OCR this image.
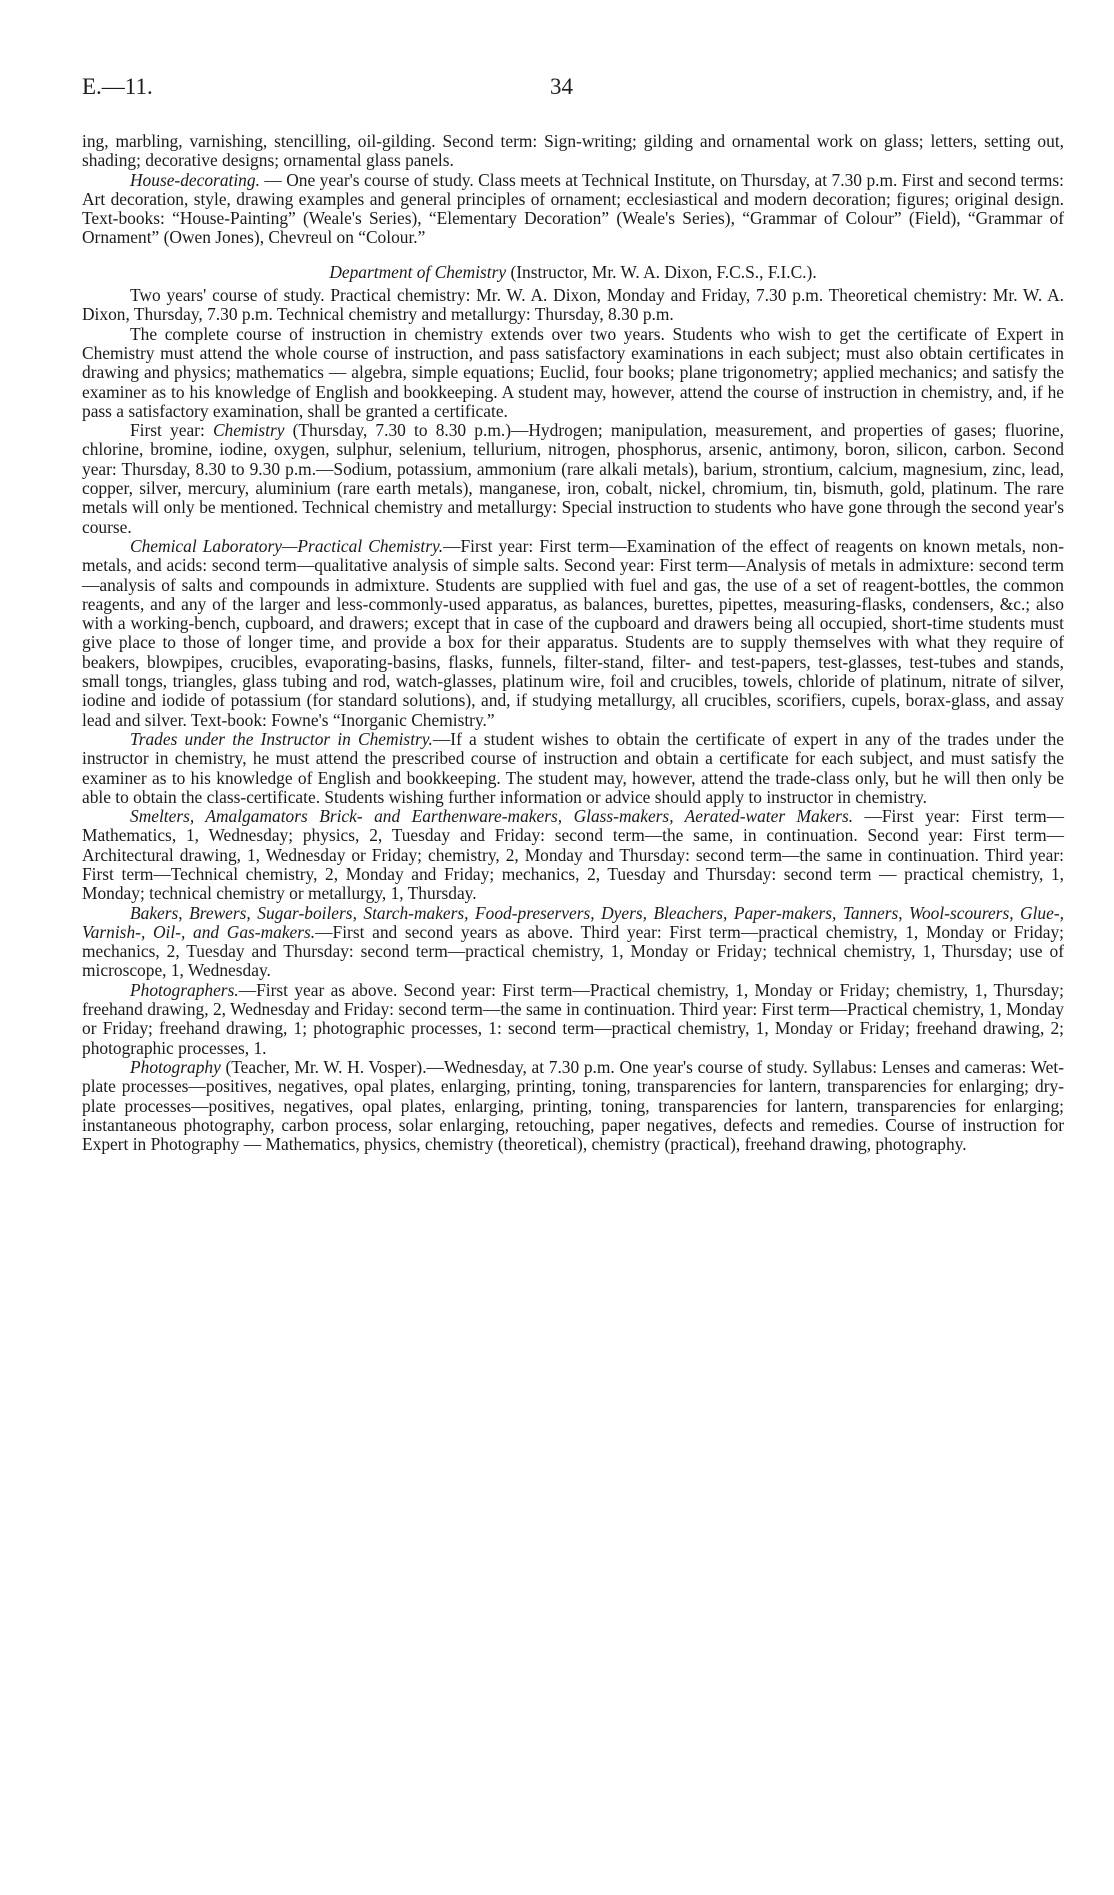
E.—11.	34

ing, marbling, varnishing, stencilling, oil-gilding. Second term: Sign-writing; gilding and ornamental work on glass; letters, setting out, shading; decorative designs; ornamental glass panels.

House-decorating. — One year's course of study. Class meets at Technical Institute, on Thursday, at 7.30 p.m. First and second terms: Art decoration, style, drawing examples and general principles of ornament; ecclesiastical and modern decoration; figures; original design. Text-books: “House-Painting” (Weale's Series), “Elementary Decoration” (Weale's Series), “Grammar of Colour” (Field), “Grammar of Ornament” (Owen Jones), Chevreul on “Colour.”

Department of Chemistry (Instructor, Mr. W. A. Dixon, F.C.S., F.I.C.).

Two years' course of study. Practical chemistry: Mr. W. A. Dixon, Monday and Friday, 7.30 p.m. Theoretical chemistry: Mr. W. A. Dixon, Thursday, 7.30 p.m. Technical chemistry and metallurgy: Thursday, 8.30 p.m.

The complete course of instruction in chemistry extends over two years. Students who wish to get the certificate of Expert in Chemistry must attend the whole course of instruction, and pass satisfactory examinations in each subject; must also obtain certificates in drawing and physics; mathematics — algebra, simple equations; Euclid, four books; plane trigonometry; applied mechanics; and satisfy the examiner as to his knowledge of English and bookkeeping. A student may, however, attend the course of instruction in chemistry, and, if he pass a satisfactory examination, shall be granted a certificate.

First year: Chemistry (Thursday, 7.30 to 8.30 p.m.)—Hydrogen; manipulation, measurement, and properties of gases; fluorine, chlorine, bromine, iodine, oxygen, sulphur, selenium, tellurium, nitrogen, phosphorus, arsenic, antimony, boron, silicon, carbon. Second year: Thursday, 8.30 to 9.30 p.m.—Sodium, potassium, ammonium (rare alkali metals), barium, strontium, calcium, magnesium, zinc, lead, copper, silver, mercury, aluminium (rare earth metals), manganese, iron, cobalt, nickel, chromium, tin, bismuth, gold, platinum. The rare metals will only be mentioned. Technical chemistry and metallurgy: Special instruction to students who have gone through the second year's course.

Chemical Laboratory—Practical Chemistry.—First year: First term—Examination of the effect of reagents on known metals, non-metals, and acids: second term—qualitative analysis of simple salts. Second year: First term—Analysis of metals in admixture: second term—analysis of salts and compounds in admixture. Students are supplied with fuel and gas, the use of a set of reagent-bottles, the common reagents, and any of the larger and less-commonly-used apparatus, as balances, burettes, pipettes, measuring-flasks, condensers, &c.; also with a working-bench, cupboard, and drawers; except that in case of the cupboard and drawers being all occupied, short-time students must give place to those of longer time, and provide a box for their apparatus. Students are to supply themselves with what they require of beakers, blowpipes, crucibles, evaporating-basins, flasks, funnels, filter-stand, filter- and test-papers, test-glasses, test-tubes and stands, small tongs, triangles, glass tubing and rod, watch-glasses, platinum wire, foil and crucibles, towels, chloride of platinum, nitrate of silver, iodine and iodide of potassium (for standard solutions), and, if studying metallurgy, all crucibles, scorifiers, cupels, borax-glass, and assay lead and silver. Text-book: Fowne's “Inorganic Chemistry.”

Trades under the Instructor in Chemistry.—If a student wishes to obtain the certificate of expert in any of the trades under the instructor in chemistry, he must attend the prescribed course of instruction and obtain a certificate for each subject, and must satisfy the examiner as to his knowledge of English and bookkeeping. The student may, however, attend the trade-class only, but he will then only be able to obtain the class-certificate. Students wishing further information or advice should apply to instructor in chemistry.

Smelters, Amalgamators Brick- and Earthenware-makers, Glass-makers, Aerated-water Makers. —First year: First term—Mathematics, 1, Wednesday; physics, 2, Tuesday and Friday: second term—the same, in continuation. Second year: First term—Architectural drawing, 1, Wednesday or Friday; chemistry, 2, Monday and Thursday: second term—the same in continuation. Third year: First term—Technical chemistry, 2, Monday and Friday; mechanics, 2, Tuesday and Thursday: second term — practical chemistry, 1, Monday; technical chemistry or metallurgy, 1, Thursday.

Bakers, Brewers, Sugar-boilers, Starch-makers, Food-preservers, Dyers, Bleachers, Paper-makers, Tanners, Wool-scourers, Glue-, Varnish-, Oil-, and Gas-makers.—First and second years as above. Third year: First term—practical chemistry, 1, Monday or Friday; mechanics, 2, Tuesday and Thursday: second term—practical chemistry, 1, Monday or Friday; technical chemistry, 1, Thursday; use of microscope, 1, Wednesday.

Photographers.—First year as above. Second year: First term—Practical chemistry, 1, Monday or Friday; chemistry, 1, Thursday; freehand drawing, 2, Wednesday and Friday: second term—the same in continuation. Third year: First term—Practical chemistry, 1, Monday or Friday; freehand drawing, 1; photographic processes, 1: second term—practical chemistry, 1, Monday or Friday; freehand drawing, 2; photographic processes, 1.

Photography (Teacher, Mr. W. H. Vosper).—Wednesday, at 7.30 p.m. One year's course of study. Syllabus: Lenses and cameras: Wet-plate processes—positives, negatives, opal plates, enlarging, printing, toning, transparencies for lantern, transparencies for enlarging; dry-plate processes—positives, negatives, opal plates, enlarging, printing, toning, transparencies for lantern, transparencies for enlarging; instantaneous photography, carbon process, solar enlarging, retouching, paper negatives, defects and remedies. Course of instruction for Expert in Photography — Mathematics, physics, chemistry (theoretical), chemistry (practical), freehand drawing, photography.
